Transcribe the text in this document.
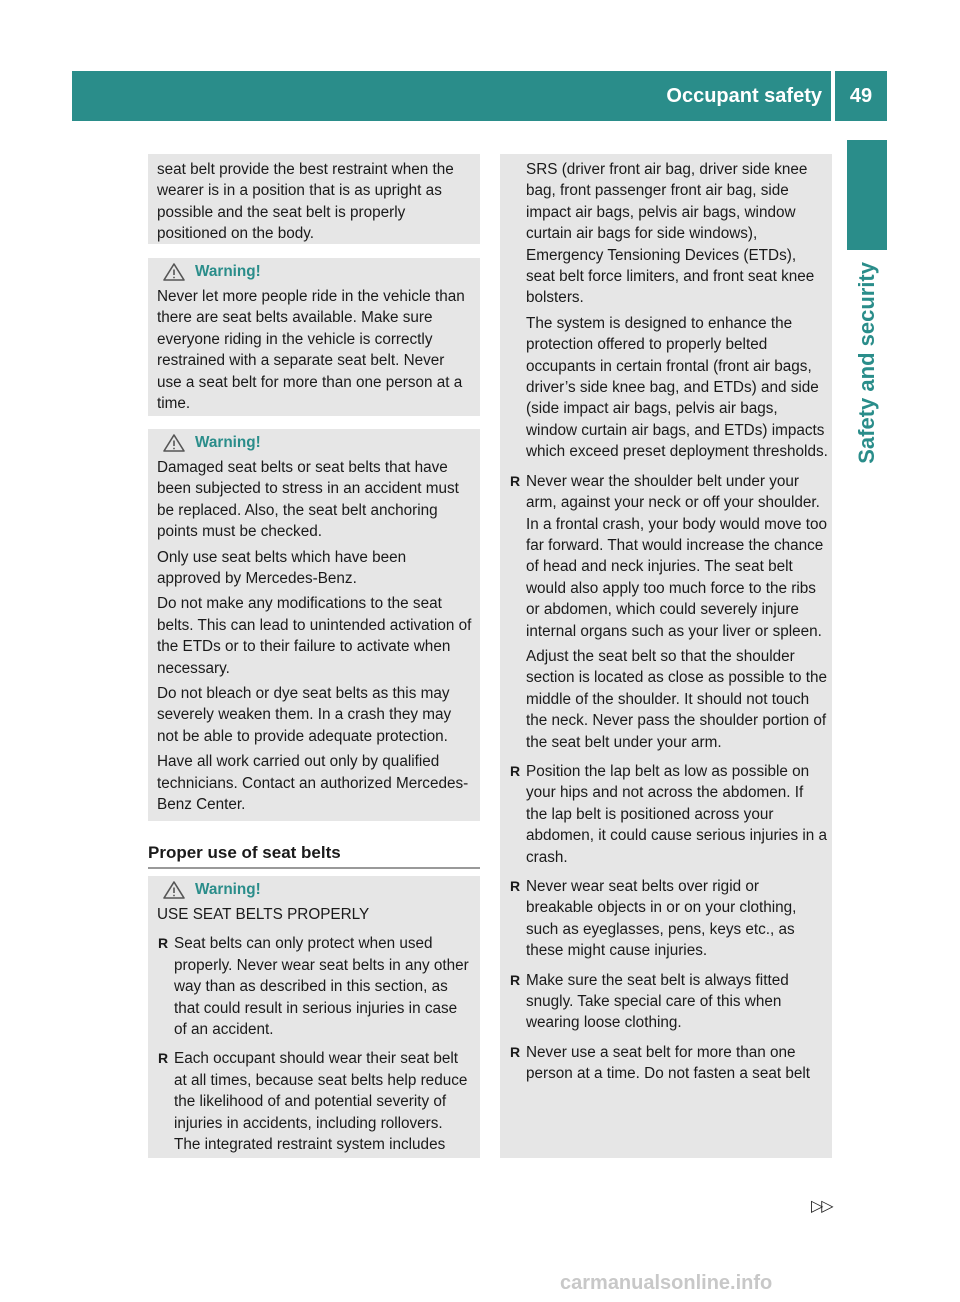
Occupant safety	49
Safety and security

seat belt provide the best restraint when the wearer is in a position that is as upright as possible and the seat belt is properly positioned on the body.

Warning!

Never let more people ride in the vehicle than there are seat belts available. Make sure everyone riding in the vehicle is correctly restrained with a separate seat belt. Never use a seat belt for more than one person at a time.

Warning!

Damaged seat belts or seat belts that have been subjected to stress in an accident must be replaced. Also, the seat belt anchoring points must be checked.

Only use seat belts which have been approved by Mercedes-Benz.

Do not make any modifications to the seat belts. This can lead to unintended activation of the ETDs or to their failure to activate when necessary.

Do not bleach or dye seat belts as this may severely weaken them. In a crash they may not be able to provide adequate protection.

Have all work carried out only by qualified technicians. Contact an authorized Mercedes-Benz Center.

Proper use of seat belts
Warning!

USE SEAT BELTS PROPERLY

R Seat belts can only protect when used properly. Never wear seat belts in any other way than as described in this section, as that could result in serious injuries in case of an accident.

R Each occupant should wear their seat belt at all times, because seat belts help reduce the likelihood of and potential severity of injuries in accidents, including rollovers. The integrated restraint system includes

SRS (driver front air bag, driver side knee bag, front passenger front air bag, side impact air bags, pelvis air bags, window curtain air bags for side windows), Emergency Tensioning Devices (ETDs), seat belt force limiters, and front seat knee bolsters.

The system is designed to enhance the protection offered to properly belted occupants in certain frontal (front air bags, driver’s side knee bag, and ETDs) and side (side impact air bags, pelvis air bags, window curtain air bags, and ETDs) impacts which exceed preset deployment thresholds.

R Never wear the shoulder belt under your arm, against your neck or off your shoulder. In a frontal crash, your body would move too far forward. That would increase the chance of head and neck injuries. The seat belt would also apply too much force to the ribs or abdomen, which could severely injure internal organs such as your liver or spleen.

Adjust the seat belt so that the shoulder section is located as close as possible to the middle of the shoulder. It should not touch the neck. Never pass the shoulder portion of the seat belt under your arm.

R Position the lap belt as low as possible on your hips and not across the abdomen. If the lap belt is positioned across your abdomen, it could cause serious injuries in a crash.

R Never wear seat belts over rigid or breakable objects in or on your clothing, such as eyeglasses, pens, keys etc., as these might cause injuries.

R Make sure the seat belt is always fitted snugly. Take special care of this when wearing loose clothing.

R Never use a seat belt for more than one person at a time. Do not fasten a seat belt

▷▷
carmanualsonline.info
